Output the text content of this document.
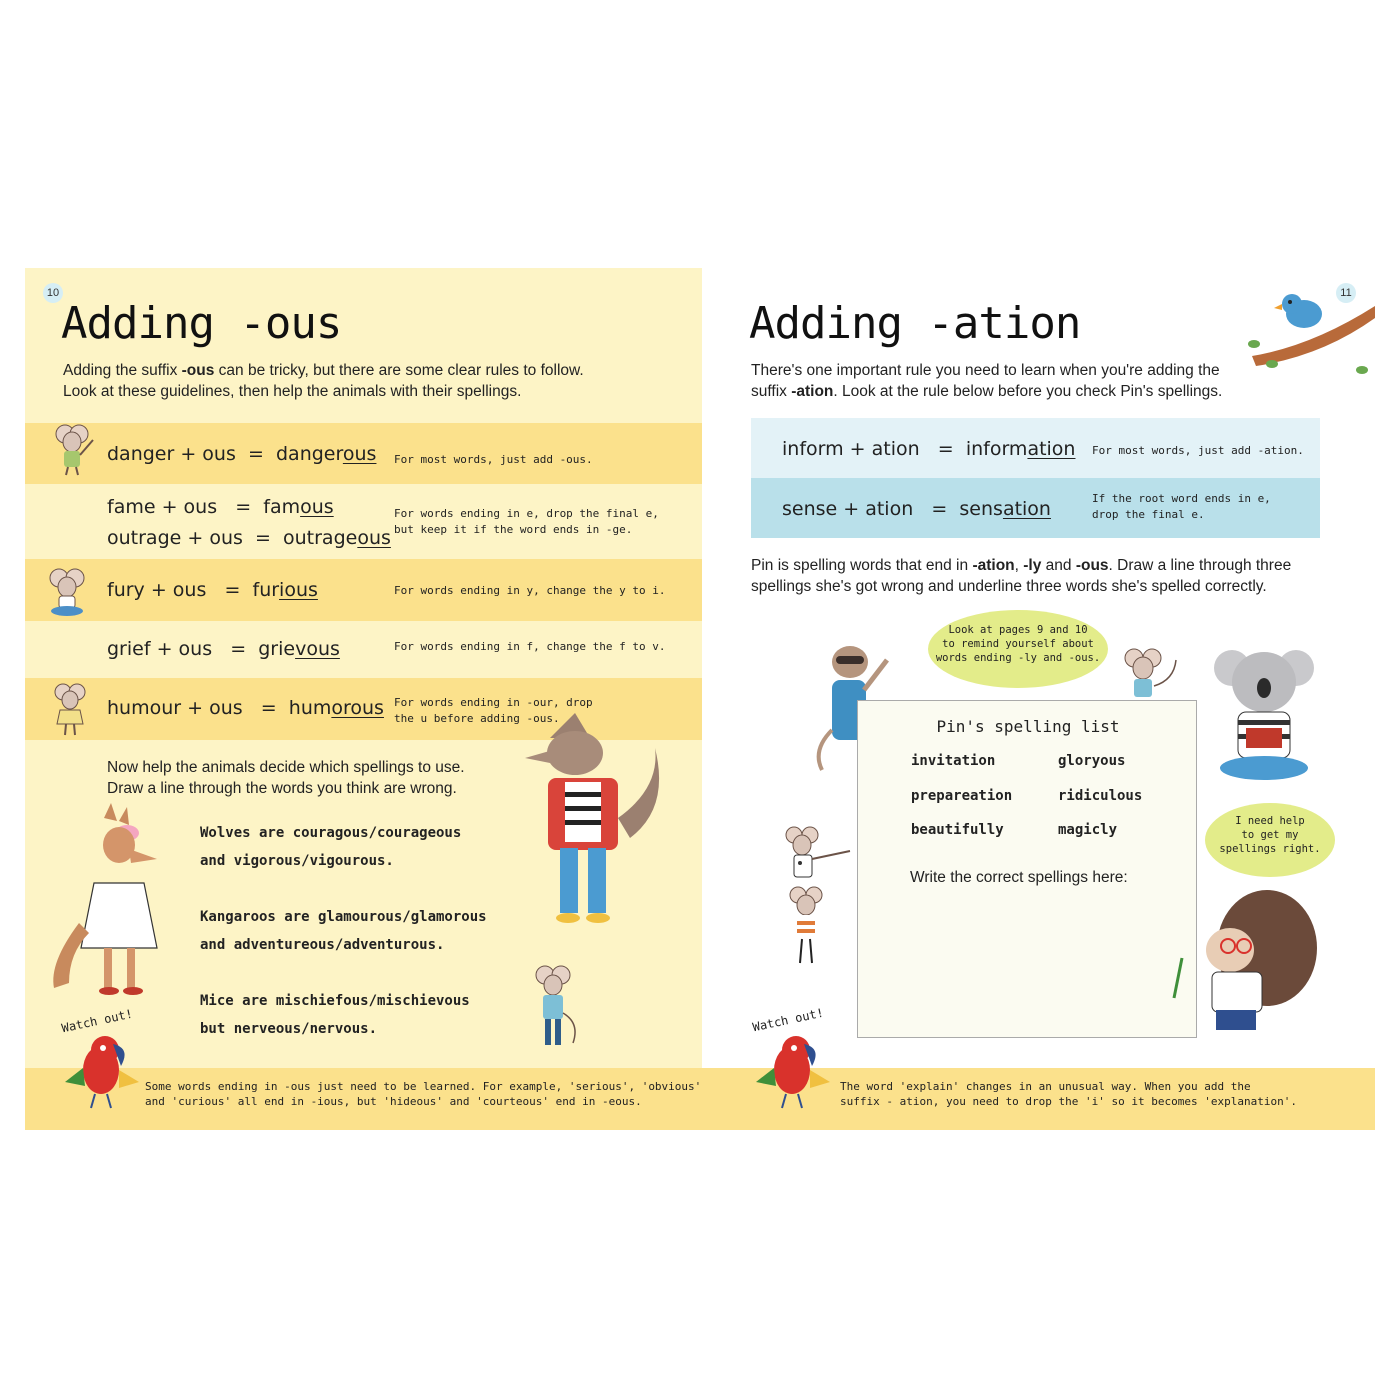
10
Adding -ous
Adding the suffix -ous can be tricky, but there are some clear rules to follow.
Look at these guidelines, then help the animals with their spellings.
danger + ous = dangerous For most words, just add -ous.
fame + ous = famous
outrage + ous = outrageous
For words ending in e, drop the final e,
but keep it if the word ends in -ge.
fury + ous = furious	For words ending in y, change the y to i.
grief + ous = grievous	For words ending in f, change the f to v.
humour + ous = humorous For words ending in -our, drop
the u before adding -ous.
Now help the animals decide which spellings to use.
Draw a line through the words you think are wrong.
Wolves are couragous/courageous
and vigorous/vigourous.
Kangaroos are glamourous/glamorous
and adventureous/adventurous.
Mice are mischiefous/mischievous
but nerveous/nervous.
Watch out!
Some words ending in -ous just need to be learned. For example, 'serious', 'obvious'
and 'curious' all end in -ious, but 'hideous' and 'courteous' end in -eous.
11
Adding -ation
There's one important rule you need to learn when you're adding the
suffix -ation. Look at the rule below before you check Pin's spellings.
inform + ation = information For most words, just add -ation.
sense + ation = sensation	If the root word ends in e,
drop the final e.
Pin is spelling words that end in -ation, -ly and -ous. Draw a line through three
spellings she's got wrong and underline three words she's spelled correctly.
Look at pages 9 and 10
to remind yourself about
words ending -ly and -ous.
Pin's spelling list
invitation	gloryous
prepareation	ridiculous
beautifully	magicly
Write the correct spellings here:
I need help
to get my
spellings right.
Watch out!
The word 'explain' changes in an unusual way. When you add the
suffix - ation, you need to drop the 'i' so it becomes 'explanation'.
